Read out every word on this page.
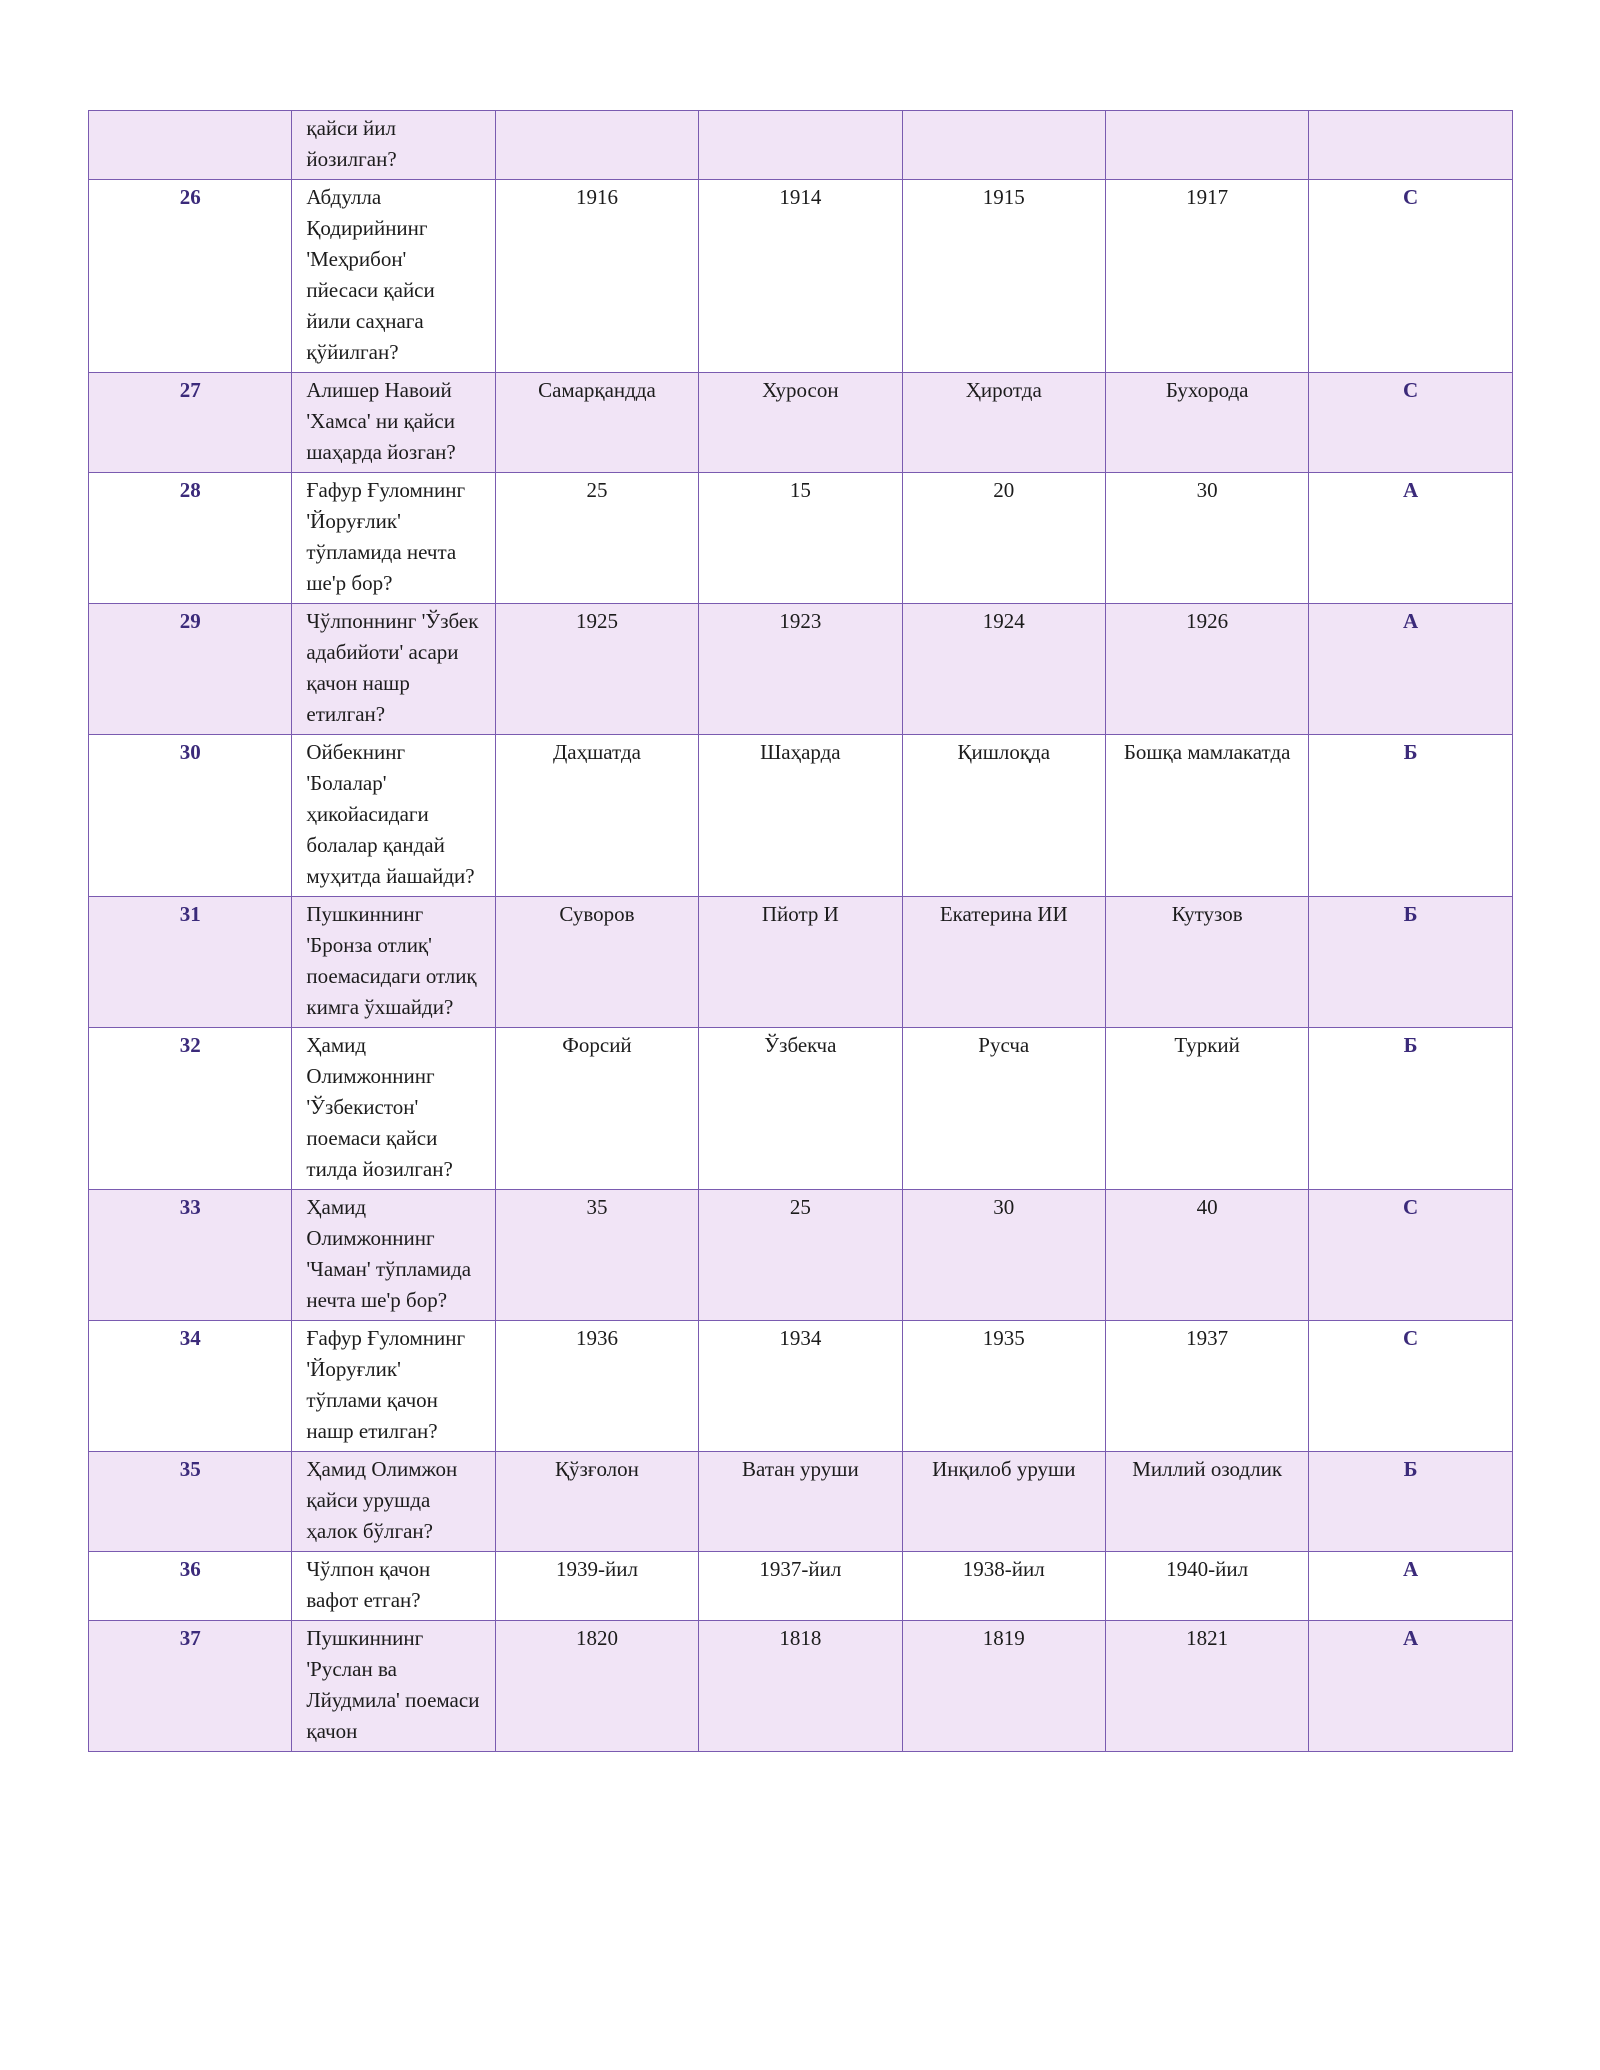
	қайси йил йозилган?					
26	Абдулла Қодирийнинг 'Меҳрибон' пйесаси қайси йили саҳнага қўйилган?	1916	1914	1915	1917	C
27	Алишер Навоий 'Хамса' ни қайси шаҳарда йозган?	Самарқандда	Хуросон	Ҳиротда	Бухорода	C
28	Ғафур Ғуломнинг 'Йоруғлик' тўпламида нечта ше'р бор?	25	15	20	30	A
29	Чўлпоннинг 'Ўзбек адабийоти' асари қачон нашр етилган?	1925	1923	1924	1926	A
30	Ойбекнинг 'Болалар' ҳикойасидаги болалар қандай муҳитда йашайди?	Даҳшатда	Шаҳарда	Қишлоқда	Бошқа мамлакатда	Б
31	Пушкиннинг 'Бронза отлиқ' поемасидаги отлиқ кимга ўхшайди?	Суворов	Пйотр И	Екатерина ИИ	Кутузов	Б
32	Ҳамид Олимжоннинг 'Ўзбекистон' поемаси қайси тилда йозилган?	Форсий	Ўзбекча	Русча	Туркий	Б
33	Ҳамид Олимжоннинг 'Чаман' тўпламида нечта ше'р бор?	35	25	30	40	C
34	Ғафур Ғуломнинг 'Йоруғлик' тўплами қачон нашр етилган?	1936	1934	1935	1937	C
35	Ҳамид Олимжон қайси урушда ҳалок бўлган?	Қўзғолон	Ватан уруши	Инқилоб уруши	Миллий озодлик	Б
36	Чўлпон қачон вафот етган?	1939-йил	1937-йил	1938-йил	1940-йил	A
37	Пушкиннинг 'Руслан ва Лйудмила' поемаси қачон	1820	1818	1819	1821	A
